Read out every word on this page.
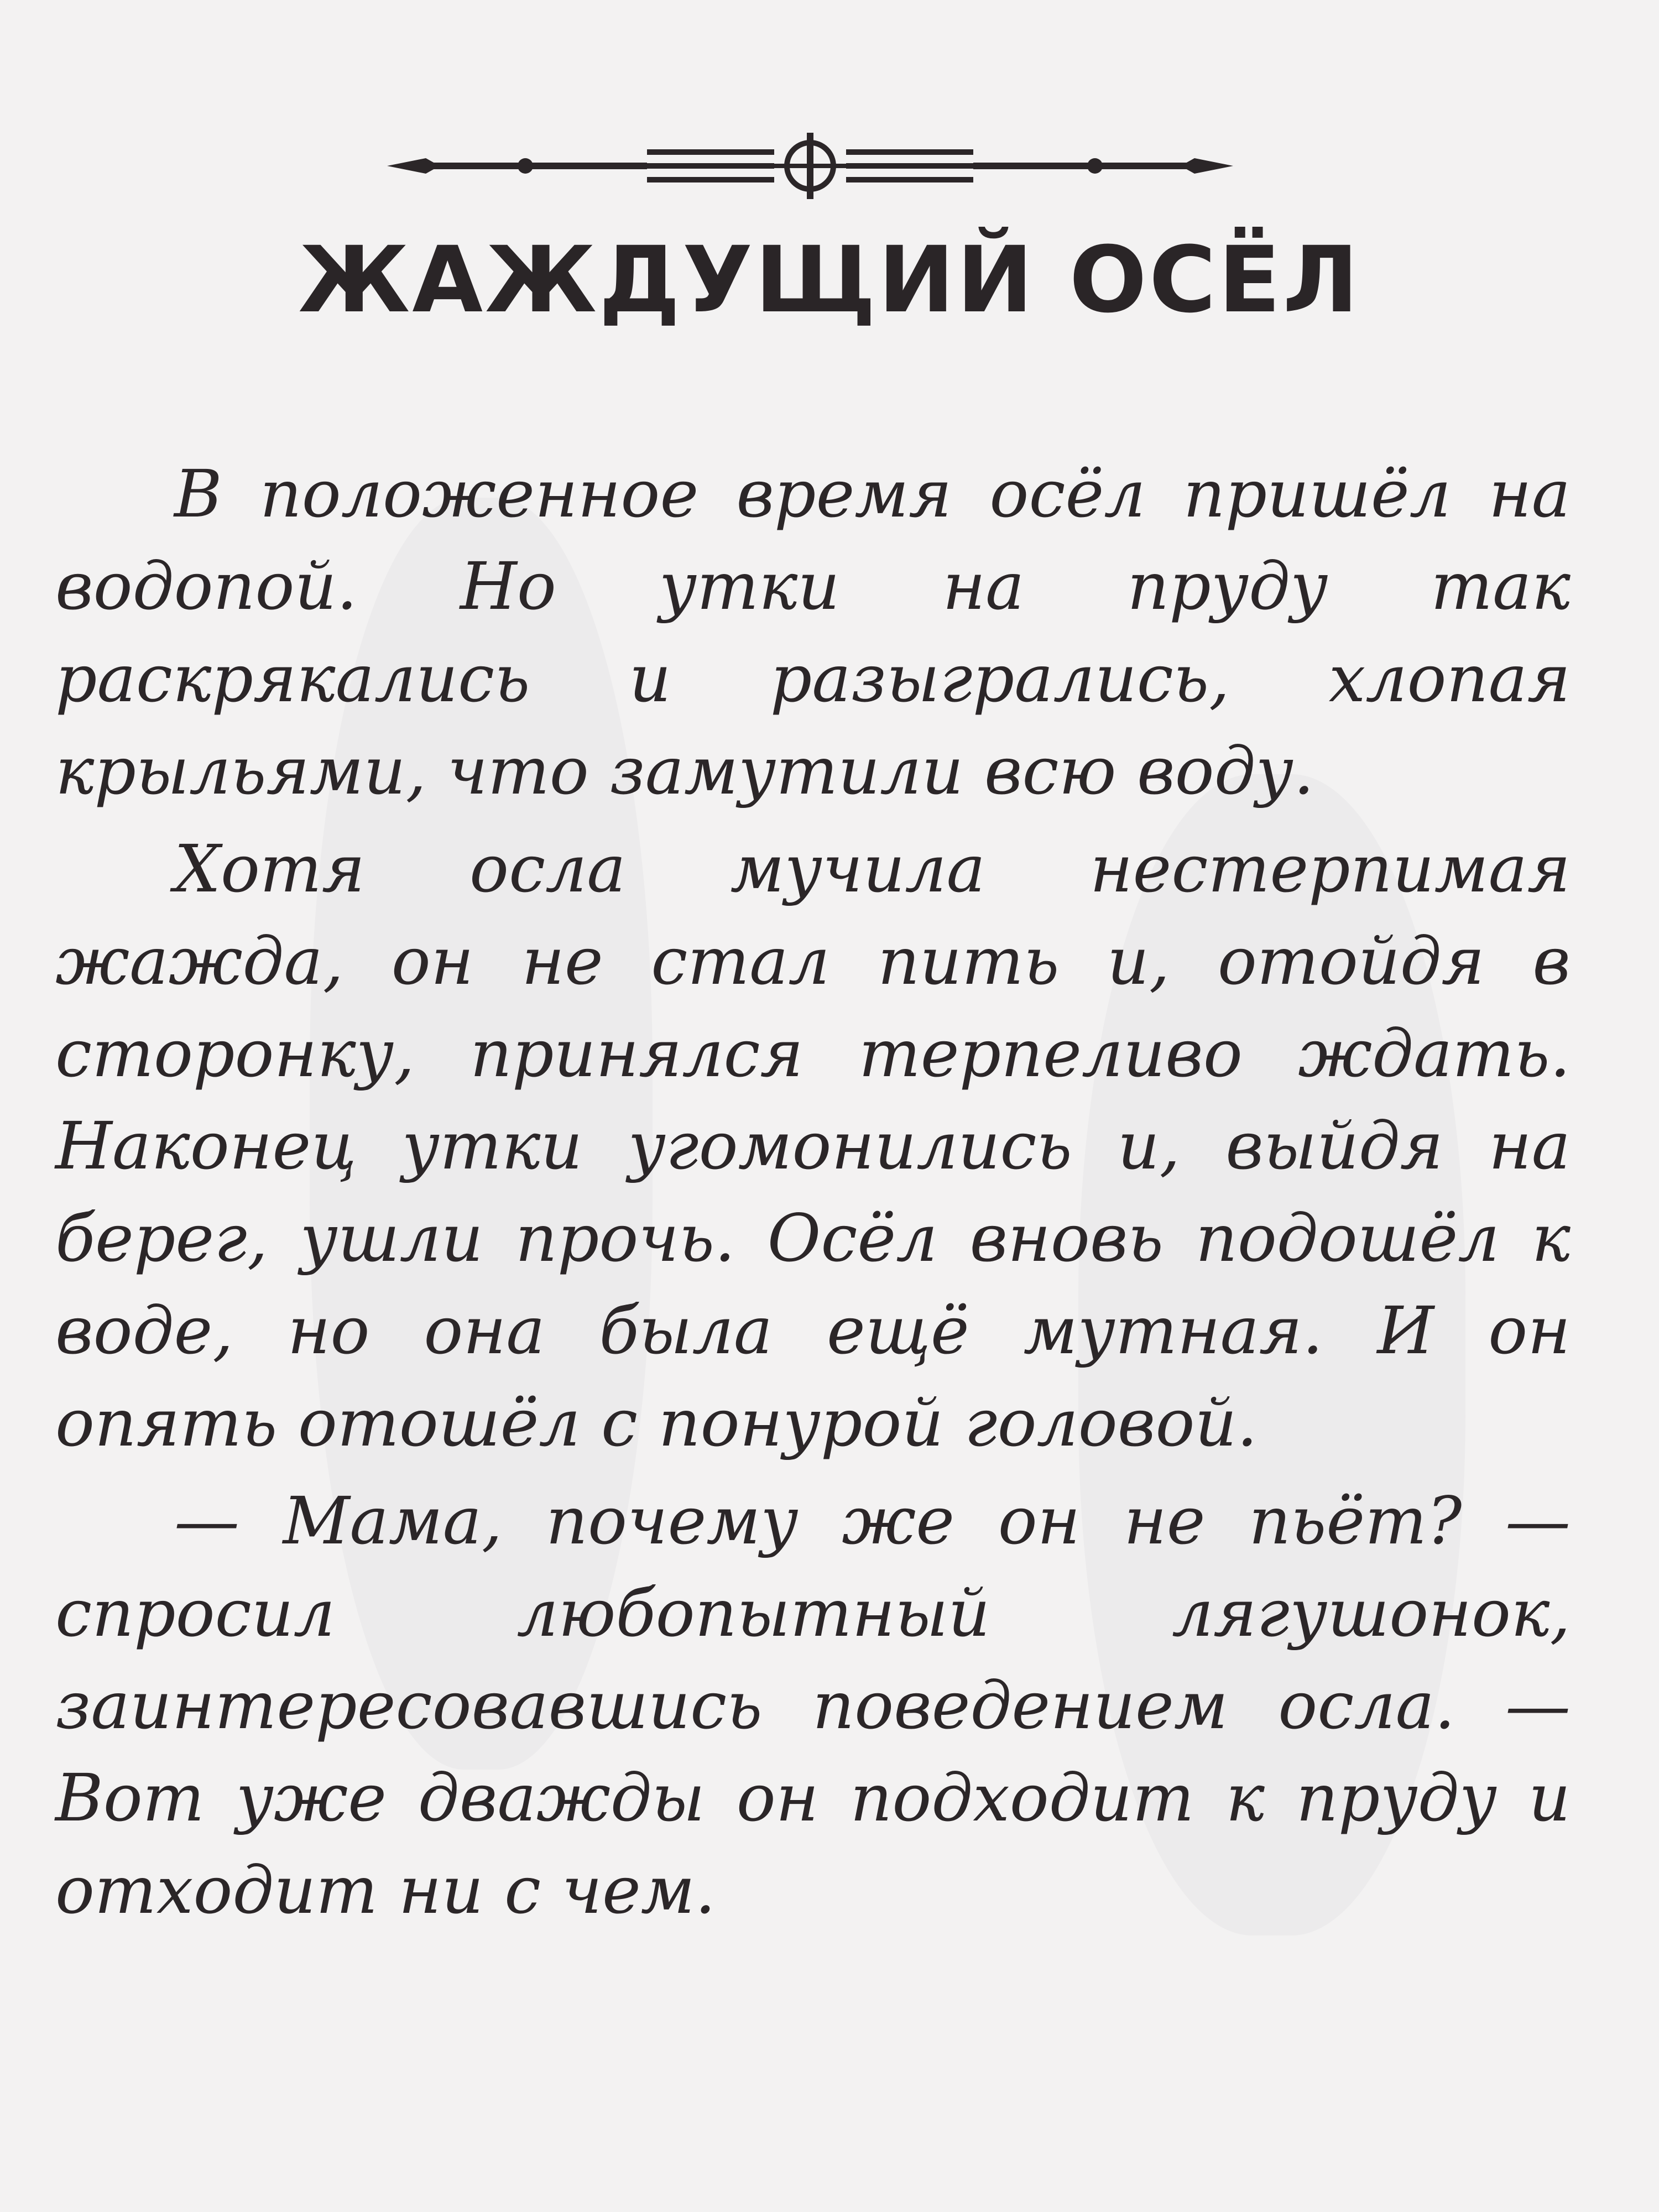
ЖАЖДУЩИЙ ОСЁЛ

В положенное время осёл пришёл на водопой. Но утки на пруду так раскрякались и разыгрались, хлопая крыльями, что замутили всю воду.

Хотя осла мучила нестерпимая жажда, он не стал пить и, отойдя в сторонку, принялся терпеливо ждать. Наконец утки угомонились и, выйдя на берег, ушли прочь. Осёл вновь подошёл к воде, но она была ещё мутная. И он опять отошёл с понурой головой.

— Мама, почему же он не пьёт? — спросил любопытный лягушонок, заинтересовавшись поведением осла. — Вот уже дважды он подходит к пруду и отходит ни с чем.
